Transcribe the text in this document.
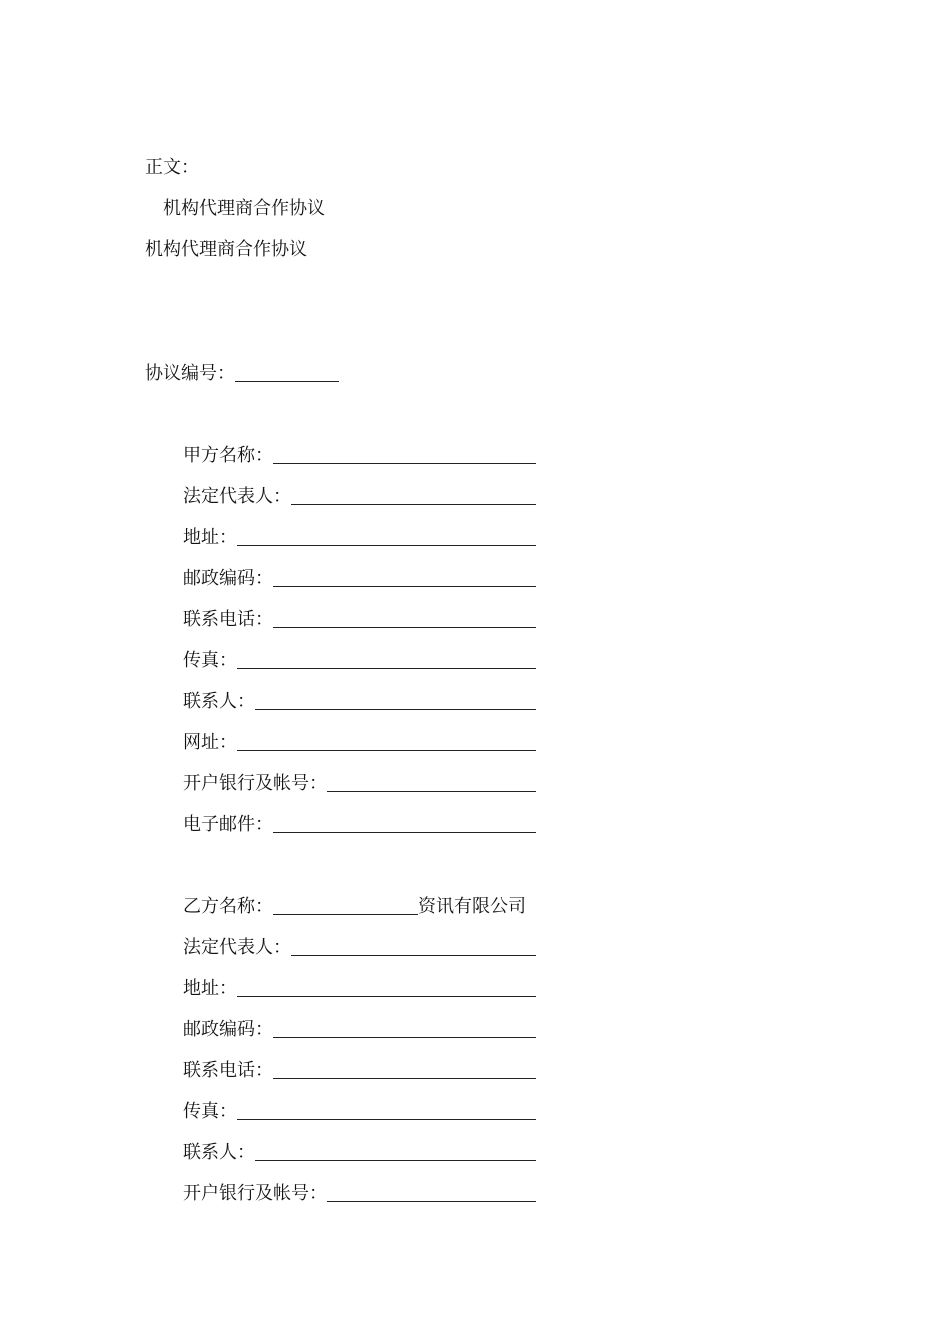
正文：
机构代理商合作协议
机构代理商合作协议
协议编号：
甲方名称：
法定代表人：
地址：
邮政编码：
联系电话：
传真：
联系人：
网址：
开户银行及帐号：
电子邮件：
乙方名称：	资讯有限公司
法定代表人：
地址：
邮政编码：
联系电话：
传真：
联系人：
开户银行及帐号：
